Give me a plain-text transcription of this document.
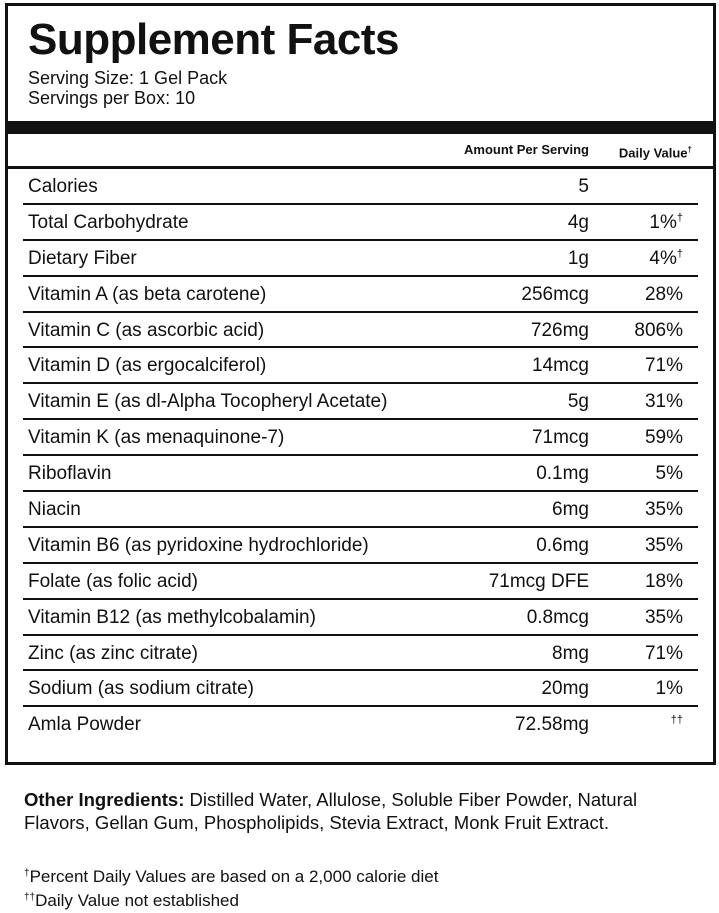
Supplement Facts
Serving Size: 1 Gel Pack
Servings per Box: 10
Amount Per Serving Daily Value†
Calories	5
Total Carbohydrate	4g	1%†
Dietary Fiber	1g	4%†
Vitamin A (as beta carotene)	256mcg	28%
Vitamin C (as ascorbic acid)	726mg 806%
Vitamin D (as ergocalciferol)	14mcg	71%
Vitamin E (as dl-Alpha Tocopheryl Acetate)	5g	31%
Vitamin K (as menaquinone-7)	71mcg	59%
Riboflavin	0.1mg	5%
Niacin	6mg	35%
Vitamin B6 (as pyridoxine hydrochloride)	0.6mg	35%
Folate (as folic acid)	71mcg DFE	18%
Vitamin B12 (as methylcobalamin)	0.8mcg	35%
Zinc (as zinc citrate)	8mg	71%
Sodium (as sodium citrate)	20mg	1%
Amla Powder	72.58mg	††
Other Ingredients: Distilled Water, Allulose, Soluble Fiber Powder, Natural Flavors, Gellan Gum, Phospholipids, Stevia Extract, Monk Fruit Extract.
†Percent Daily Values are based on a 2,000 calorie diet
††Daily Value not established
